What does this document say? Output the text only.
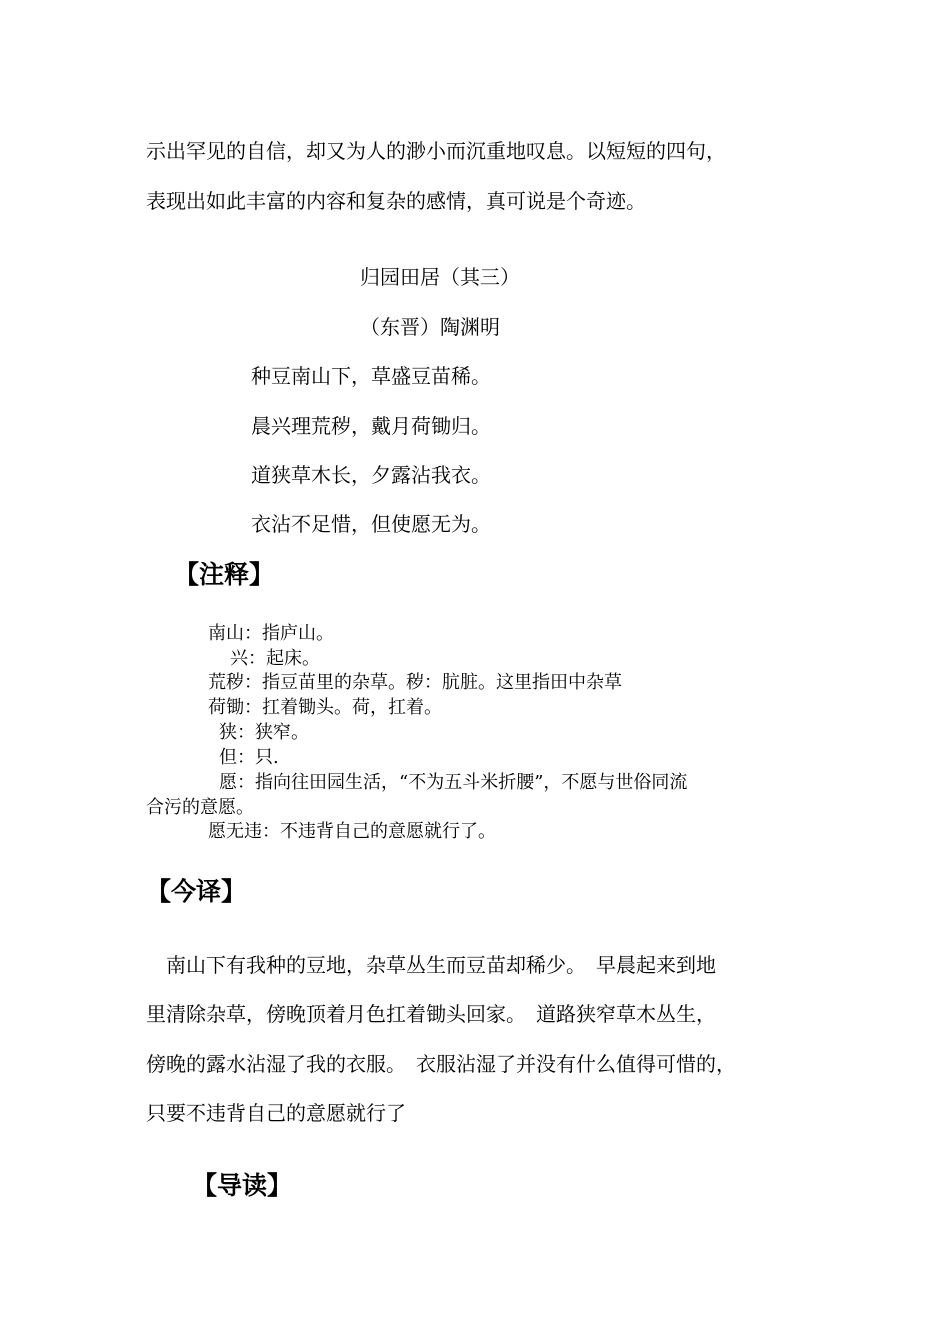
示出罕见的自信，却又为人的渺小而沉重地叹息。以短短的四句，
表现出如此丰富的内容和复杂的感情，真可说是个奇迹。
归园田居（其三）
（东晋）陶渊明
种豆南山下，草盛豆苗稀。
晨兴理荒秽，戴月荷锄归。
道狭草木长，夕露沾我衣。
衣沾不足惜，但使愿无为。
【注释】
南山：指庐山。
兴：起床。
荒秽：指豆苗里的杂草。秽：肮脏。这里指田中杂草
荷锄：扛着锄头。荷，扛着。
狭：狭窄。
但：只.
愿：指向往田园生活，“不为五斗米折腰”，不愿与世俗同流
合污的意愿。
愿无违：不违背自己的意愿就行了。
【今译】
南山下有我种的豆地，杂草丛生而豆苗却稀少。　早晨起来到地
里清除杂草，傍晚顶着月色扛着锄头回家。　道路狭窄草木丛生，
傍晚的露水沾湿了我的衣服。　衣服沾湿了并没有什么值得可惜的，
只要不违背自己的意愿就行了
【导读】
